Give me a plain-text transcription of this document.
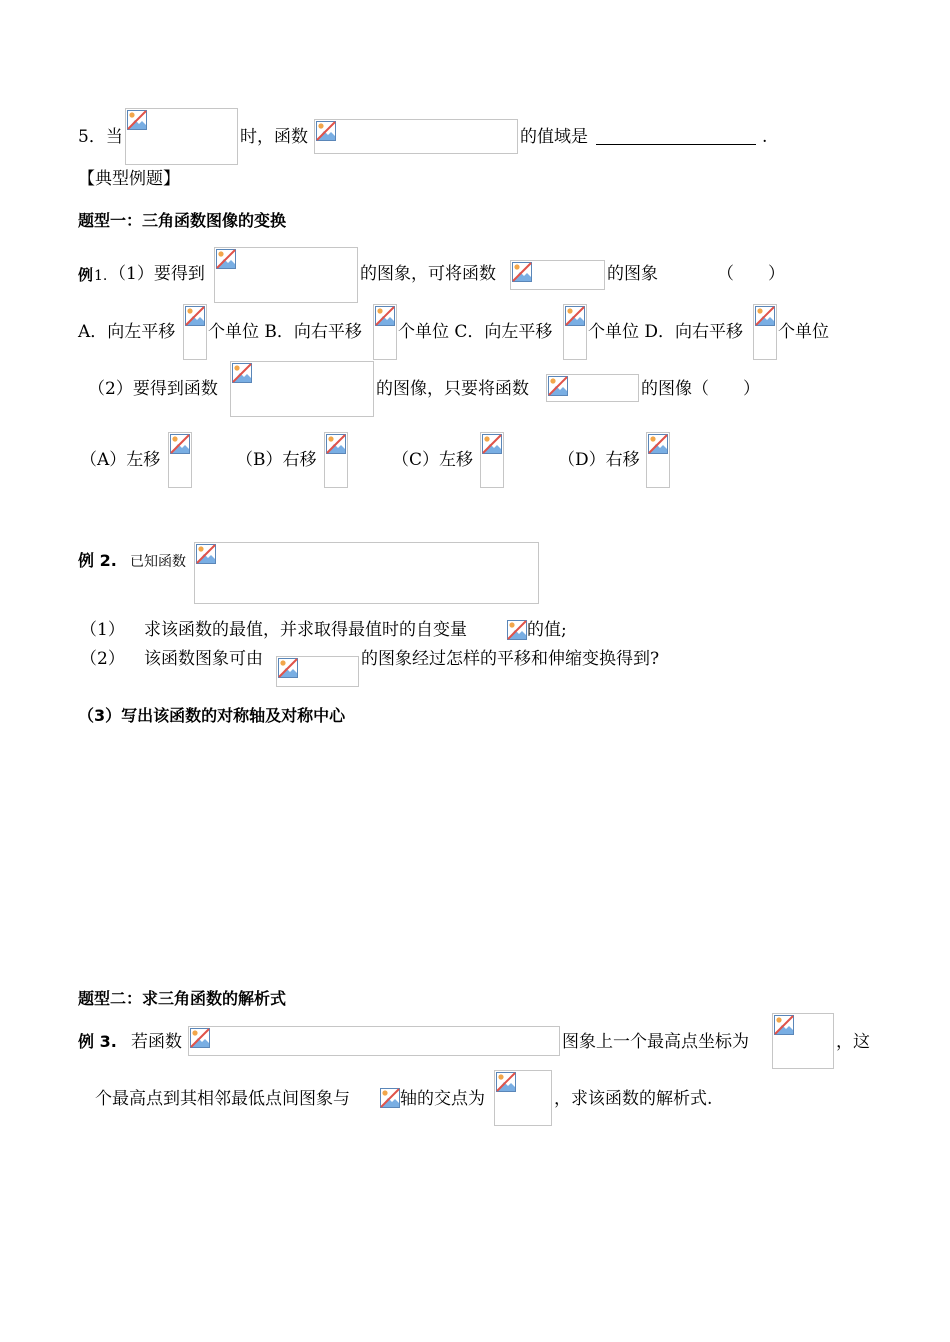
5．当	时，函数	的值域是	.
【典型例题】
题型一：三角函数图像的变换
例 1. （1）要得到	的图象，可将函数	的图象	（　　）
A．向左平移 个单位 B．向右平移 个单位 C．向左平移 个单位 D．向右平移 个单位
（2）要得到函数	的图像，只要将函数	的图像（　　）
（A）左移	（B）右移	（C）左移	（D）右移
例 2. 已知函数
（1） 求该函数的最值，并求取得最值时的自变量	的值;
（2） 该函数图象可由	的图象经过怎样的平移和伸缩变换得到?
（3）写出该函数的对称轴及对称中心
题型二：求三角函数的解析式
例 3. 若函数	图象上一个最高点坐标为	，这
个最高点到其相邻最低点间图象与	轴的交点为	，求该函数的解析式.
